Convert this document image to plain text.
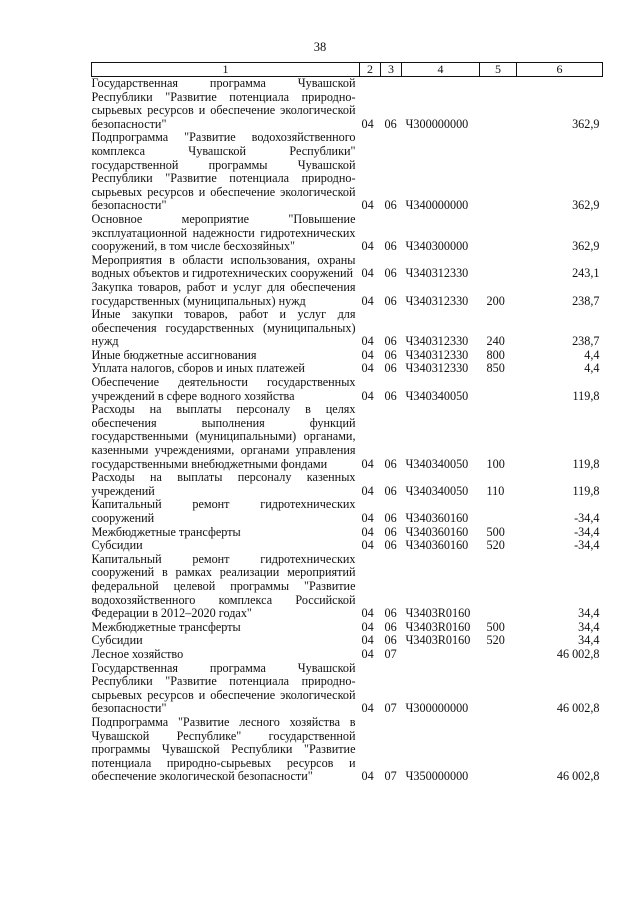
38
1	2	3	4	5	6
Государственная программа Чувашской Республики "Развитие потенциала природно-сырьевых ресурсов и обеспечение экологической безопасности"	04	06	Ч300000000		362,9
Подпрограмма "Развитие водохозяйственного комплекса Чувашской Республики" государственной программы Чувашской Республики "Развитие потенциала природно-сырьевых ресурсов и обеспечение экологической безопасности"	04	06	Ч340000000		362,9
Основное мероприятие "Повышение эксплуатационной надежности гидротехнических сооружений, в том числе бесхозяйных"	04	06	Ч340300000		362,9
Мероприятия в области использования, охраны водных объектов и гидротехнических сооружений	04	06	Ч340312330		243,1
Закупка товаров, работ и услуг для обеспечения государственных (муниципальных) нужд	04	06	Ч340312330	200	238,7
Иные закупки товаров, работ и услуг для обеспечения государственных (муниципальных) нужд	04	06	Ч340312330	240	238,7
Иные бюджетные ассигнования	04	06	Ч340312330	800	4,4
Уплата налогов, сборов и иных платежей	04	06	Ч340312330	850	4,4
Обеспечение деятельности государственных учреждений в сфере водного хозяйства	04	06	Ч340340050		119,8
Расходы на выплаты персоналу в целях обеспечения выполнения функций государственными (муниципальными) органами, казенными учреждениями, органами управления государственными внебюджетными фондами	04	06	Ч340340050	100	119,8
Расходы на выплаты персоналу казенных учреждений	04	06	Ч340340050	110	119,8
Капитальный ремонт гидротехнических сооружений	04	06	Ч340360160		-34,4
Межбюджетные трансферты	04	06	Ч340360160	500	-34,4
Субсидии	04	06	Ч340360160	520	-34,4
Капитальный ремонт гидротехнических сооружений в рамках реализации мероприятий федеральной целевой программы "Развитие водохозяйственного комплекса Российской Федерации в 2012–2020 годах"	04	06	Ч3403R0160		34,4
Межбюджетные трансферты	04	06	Ч3403R0160	500	34,4
Субсидии	04	06	Ч3403R0160	520	34,4
Лесное хозяйство	04	07			46 002,8
Государственная программа Чувашской Республики "Развитие потенциала природно-сырьевых ресурсов и обеспечение экологической безопасности"	04	07	Ч300000000		46 002,8
Подпрограмма "Развитие лесного хозяйства в Чувашской Республике" государственной программы Чувашской Республики "Развитие потенциала природно-сырьевых ресурсов и обеспечение экологической безопасности"	04	07	Ч350000000		46 002,8
